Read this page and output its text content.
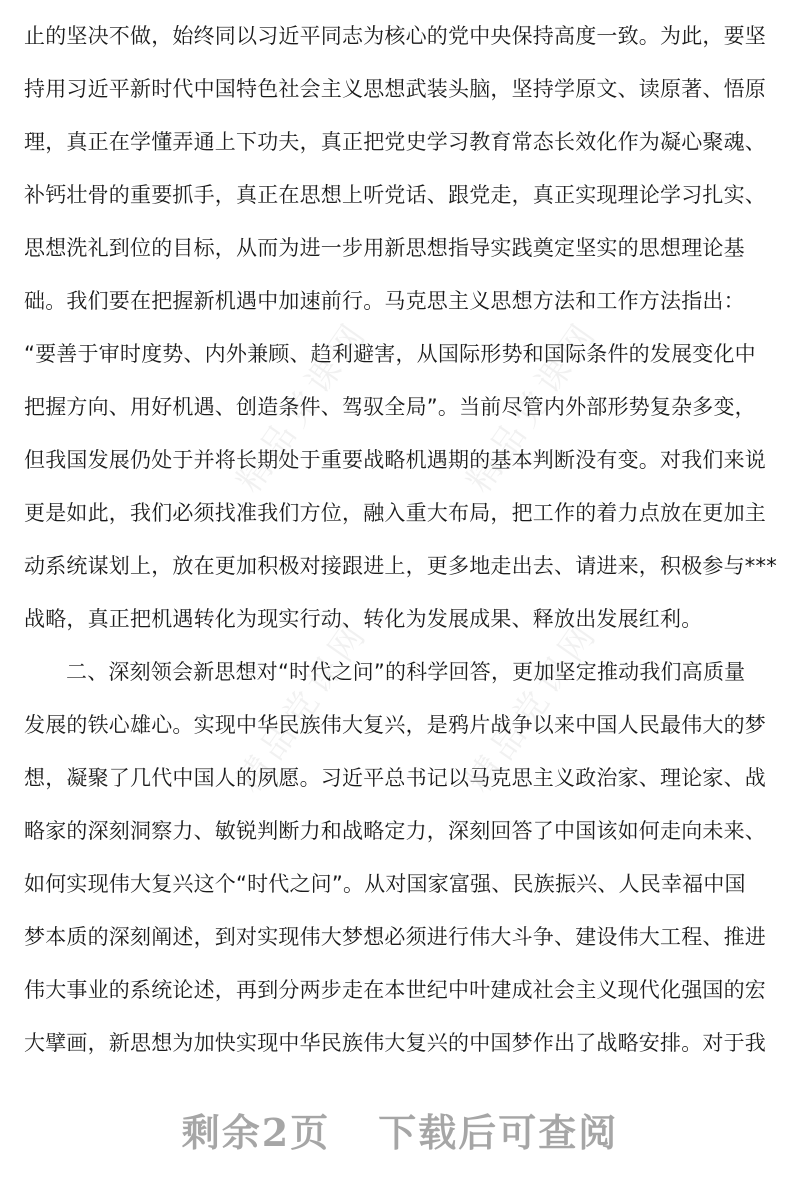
精品党课网 精品党课网
精品党课网 精品党课网
止的坚决不做，始终同以习近平同志为核心的党中央保持高度一致。为此，要坚
持用习近平新时代中国特色社会主义思想武装头脑，坚持学原文、读原著、悟原
理，真正在学懂弄通上下功夫，真正把党史学习教育常态长效化作为凝心聚魂、
补钙壮骨的重要抓手，真正在思想上听党话、跟党走，真正实现理论学习扎实、
思想洗礼到位的目标，从而为进一步用新思想指导实践奠定坚实的思想理论基
础。我们要在把握新机遇中加速前行。马克思主义思想方法和工作方法指出：
“要善于审时度势、内外兼顾、趋利避害，从国际形势和国际条件的发展变化中
把握方向、用好机遇、创造条件、驾驭全局”。当前尽管内外部形势复杂多变，
但我国发展仍处于并将长期处于重要战略机遇期的基本判断没有变。对我们来说
更是如此，我们必须找准我们方位，融入重大布局，把工作的着力点放在更加主
动系统谋划上，放在更加积极对接跟进上，更多地走出去、请进来，积极参与***
战略，真正把机遇转化为现实行动、转化为发展成果、释放出发展红利。
二、深刻领会新思想对“时代之问”的科学回答，更加坚定推动我们高质量
发展的铁心雄心。实现中华民族伟大复兴，是鸦片战争以来中国人民最伟大的梦
想，凝聚了几代中国人的夙愿。习近平总书记以马克思主义政治家、理论家、战
略家的深刻洞察力、敏锐判断力和战略定力，深刻回答了中国该如何走向未来、
如何实现伟大复兴这个“时代之问”。从对国家富强、民族振兴、人民幸福中国
梦本质的深刻阐述，到对实现伟大梦想必须进行伟大斗争、建设伟大工程、推进
伟大事业的系统论述，再到分两步走在本世纪中叶建成社会主义现代化强国的宏
大擘画，新思想为加快实现中华民族伟大复兴的中国梦作出了战略安排。对于我
剩余2页 下载后可查阅
